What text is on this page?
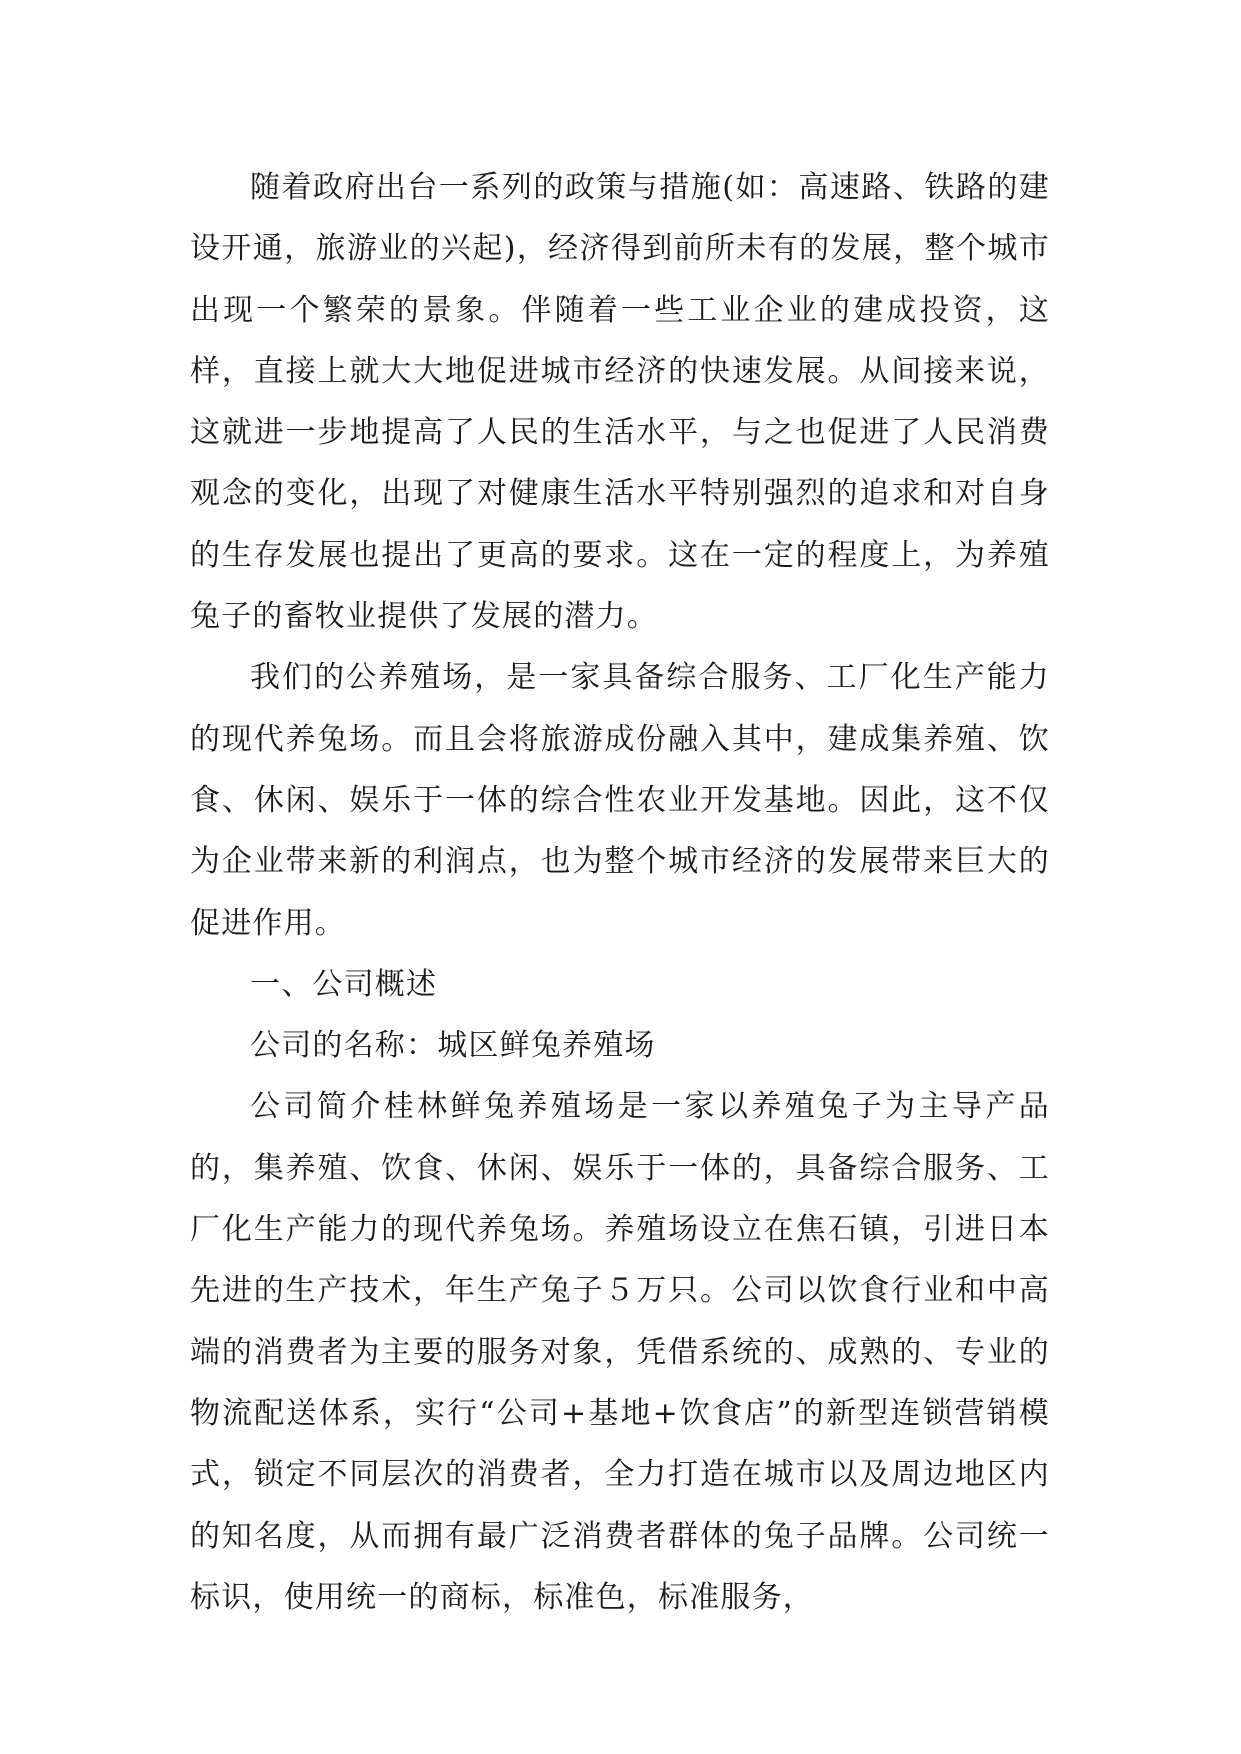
随着政府出台一系列的政策与措施(如：高速路、铁路的建设开通，旅游业的兴起)，经济得到前所未有的发展，整个城市出现一个繁荣的景象。伴随着一些工业企业的建成投资，这样，直接上就大大地促进城市经济的快速发展。从间接来说，这就进一步地提高了人民的生活水平，与之也促进了人民消费观念的变化，出现了对健康生活水平特别强烈的追求和对自身的生存发展也提出了更高的要求。这在一定的程度上，为养殖兔子的畜牧业提供了发展的潜力。

我们的公养殖场，是一家具备综合服务、工厂化生产能力的现代养兔场。而且会将旅游成份融入其中，建成集养殖、饮食、休闲、娱乐于一体的综合性农业开发基地。因此，这不仅为企业带来新的利润点，也为整个城市经济的发展带来巨大的促进作用。

一、公司概述

公司的名称：城区鲜兔养殖场

公司简介桂林鲜兔养殖场是一家以养殖兔子为主导产品的，集养殖、饮食、休闲、娱乐于一体的，具备综合服务、工厂化生产能力的现代养兔场。养殖场设立在焦石镇，引进日本先进的生产技术，年生产兔子５万只。公司以饮食行业和中高端的消费者为主要的服务对象，凭借系统的、成熟的、专业的物流配送体系，实行“公司+基地+饮食店”的新型连锁营销模式，锁定不同层次的消费者，全力打造在城市以及周边地区内的知名度，从而拥有最广泛消费者群体的兔子品牌。公司统一标识，使用统一的商标，标准色，标准服务，
